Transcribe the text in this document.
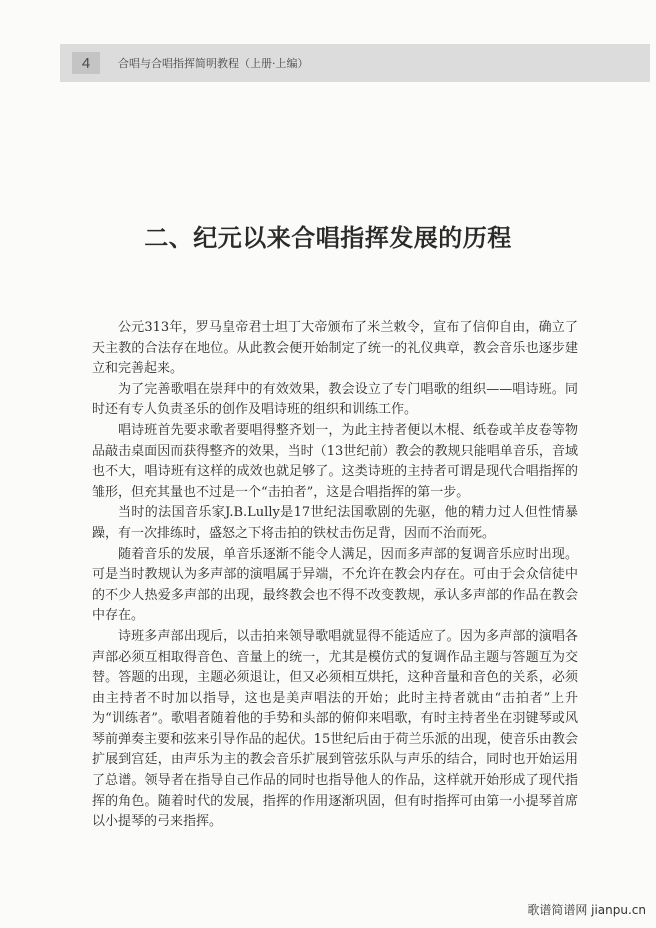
4	合唱与合唱指挥简明教程（上册·上编）
二、纪元以来合唱指挥发展的历程

公元313年，罗马皇帝君士坦丁大帝颁布了米兰敕令，宣布了信仰自由，确立了天主教的合法存在地位。从此教会便开始制定了统一的礼仪典章，教会音乐也逐步建立和完善起来。

为了完善歌唱在崇拜中的有效效果，教会设立了专门唱歌的组织——唱诗班。同时还有专人负责圣乐的创作及唱诗班的组织和训练工作。

唱诗班首先要求歌者要唱得整齐划一，为此主持者便以木棍、纸卷或羊皮卷等物品敲击桌面因而获得整齐的效果，当时（13世纪前）教会的教规只能唱单音乐，音域也不大，唱诗班有这样的成效也就足够了。这类诗班的主持者可谓是现代合唱指挥的雏形，但充其量也不过是一个“击拍者”，这是合唱指挥的第一步。

当时的法国音乐家J.B.Lully是17世纪法国歌剧的先驱，他的精力过人但性情暴躁，有一次排练时，盛怒之下将击拍的铁杖击伤足背，因而不治而死。

随着音乐的发展，单音乐逐渐不能令人满足，因而多声部的复调音乐应时出现。可是当时教规认为多声部的演唱属于异端，不允许在教会内存在。可由于会众信徒中的不少人热爱多声部的出现，最终教会也不得不改变教规，承认多声部的作品在教会中存在。

诗班多声部出现后，以击拍来领导歌唱就显得不能适应了。因为多声部的演唱各声部必须互相取得音色、音量上的统一，尤其是模仿式的复调作品主题与答题互为交替。答题的出现，主题必须退让，但又必须相互烘托，这种音量和音色的关系，必须由主持者不时加以指导，这也是美声唱法的开始；此时主持者就由“击拍者”上升为“训练者”。歌唱者随着他的手势和头部的俯仰来唱歌，有时主持者坐在羽键琴或风琴前弹奏主要和弦来引导作品的起伏。15世纪后由于荷兰乐派的出现，使音乐由教会扩展到宫廷，由声乐为主的教会音乐扩展到管弦乐队与声乐的结合，同时也开始运用了总谱。领导者在指导自己作品的同时也指导他人的作品，这样就开始形成了现代指挥的角色。随着时代的发展，指挥的作用逐渐巩固，但有时指挥可由第一小提琴首席以小提琴的弓来指挥。

歌谱简谱网 jianpu.cn
